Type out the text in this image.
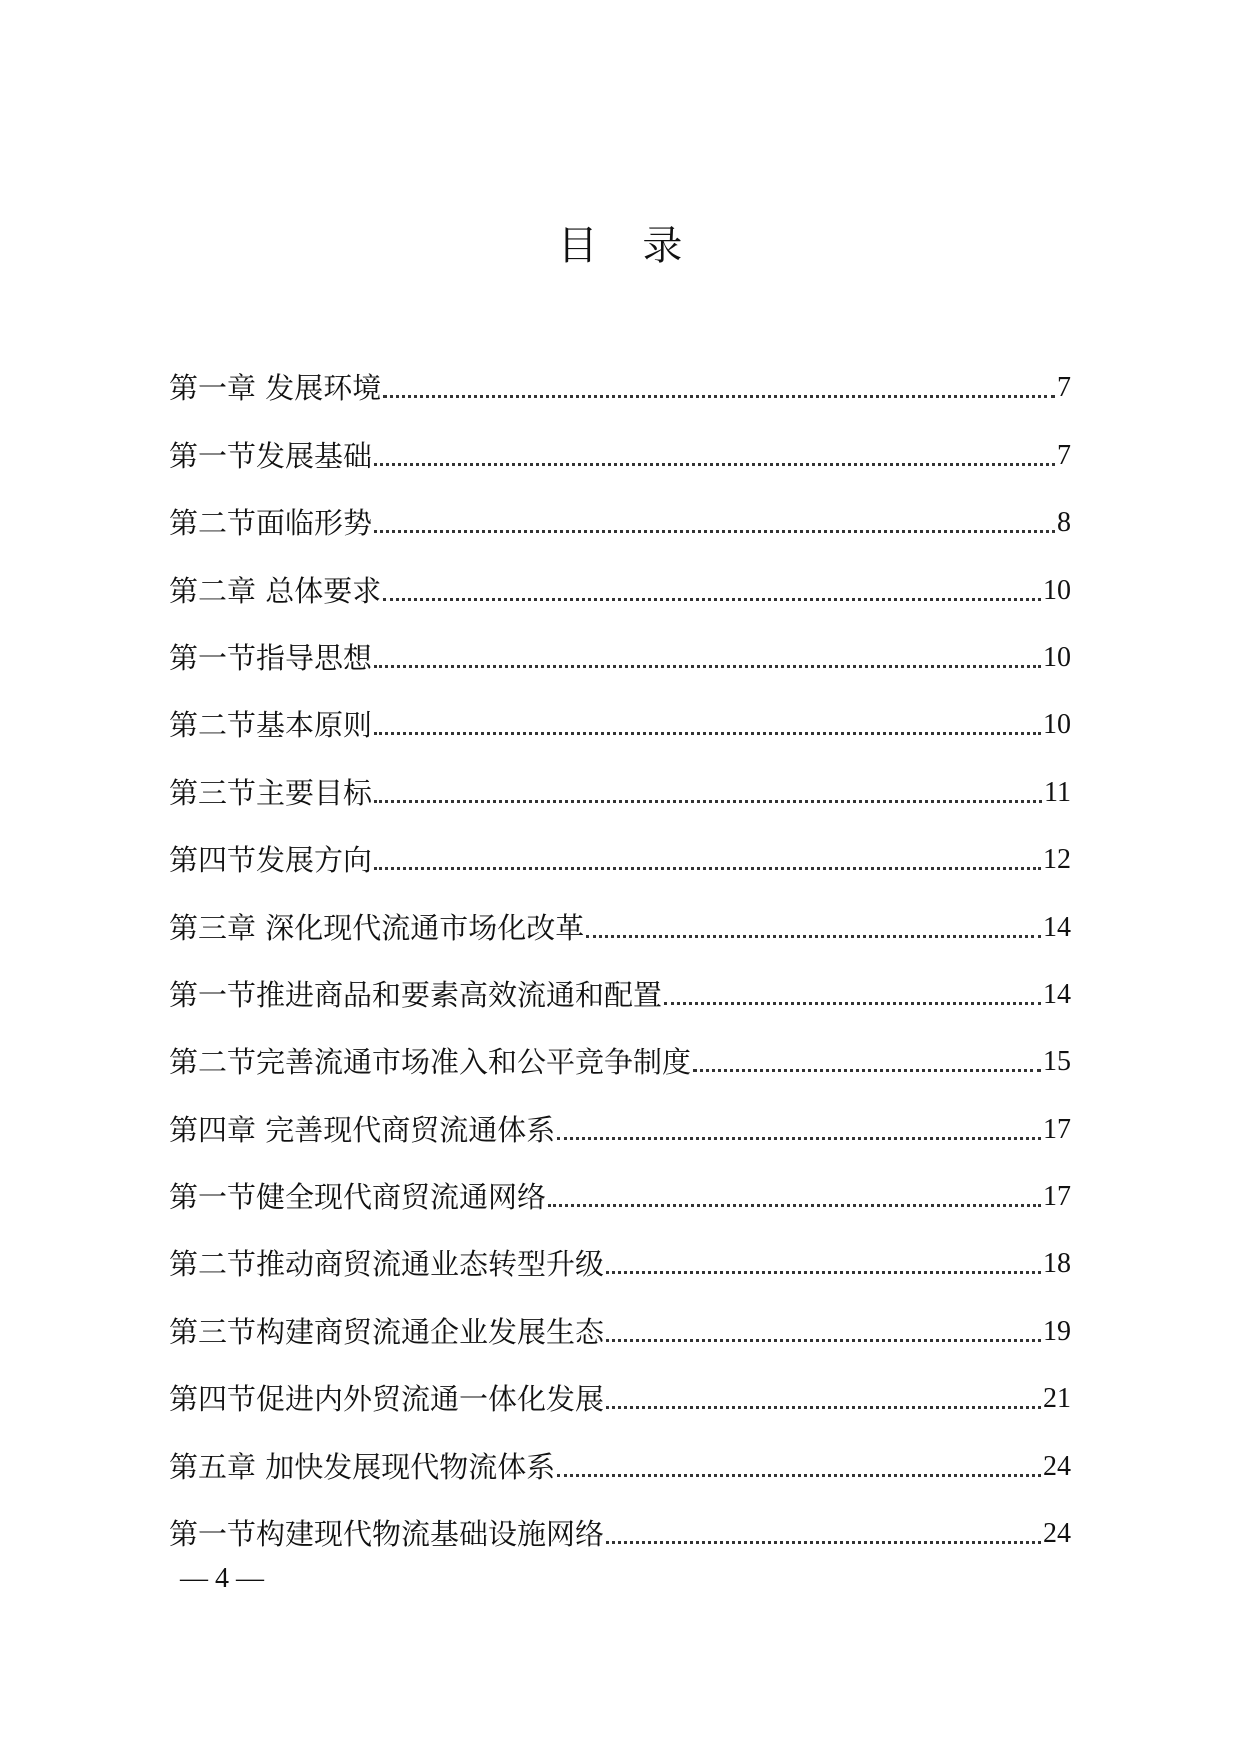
目 录
第一章 发展环境	7
第一节发展基础	7
第二节面临形势	8
第二章 总体要求	10
第一节指导思想	10
第二节基本原则	10
第三节主要目标	11
第四节发展方向	12
第三章 深化现代流通市场化改革	14
第一节推进商品和要素高效流通和配置	14
第二节完善流通市场准入和公平竞争制度	15
第四章 完善现代商贸流通体系	17
第一节健全现代商贸流通网络	17
第二节推动商贸流通业态转型升级	18
第三节构建商贸流通企业发展生态	19
第四节促进内外贸流通一体化发展	21
第五章 加快发展现代物流体系	24
第一节构建现代物流基础设施网络	24
— 4 —
